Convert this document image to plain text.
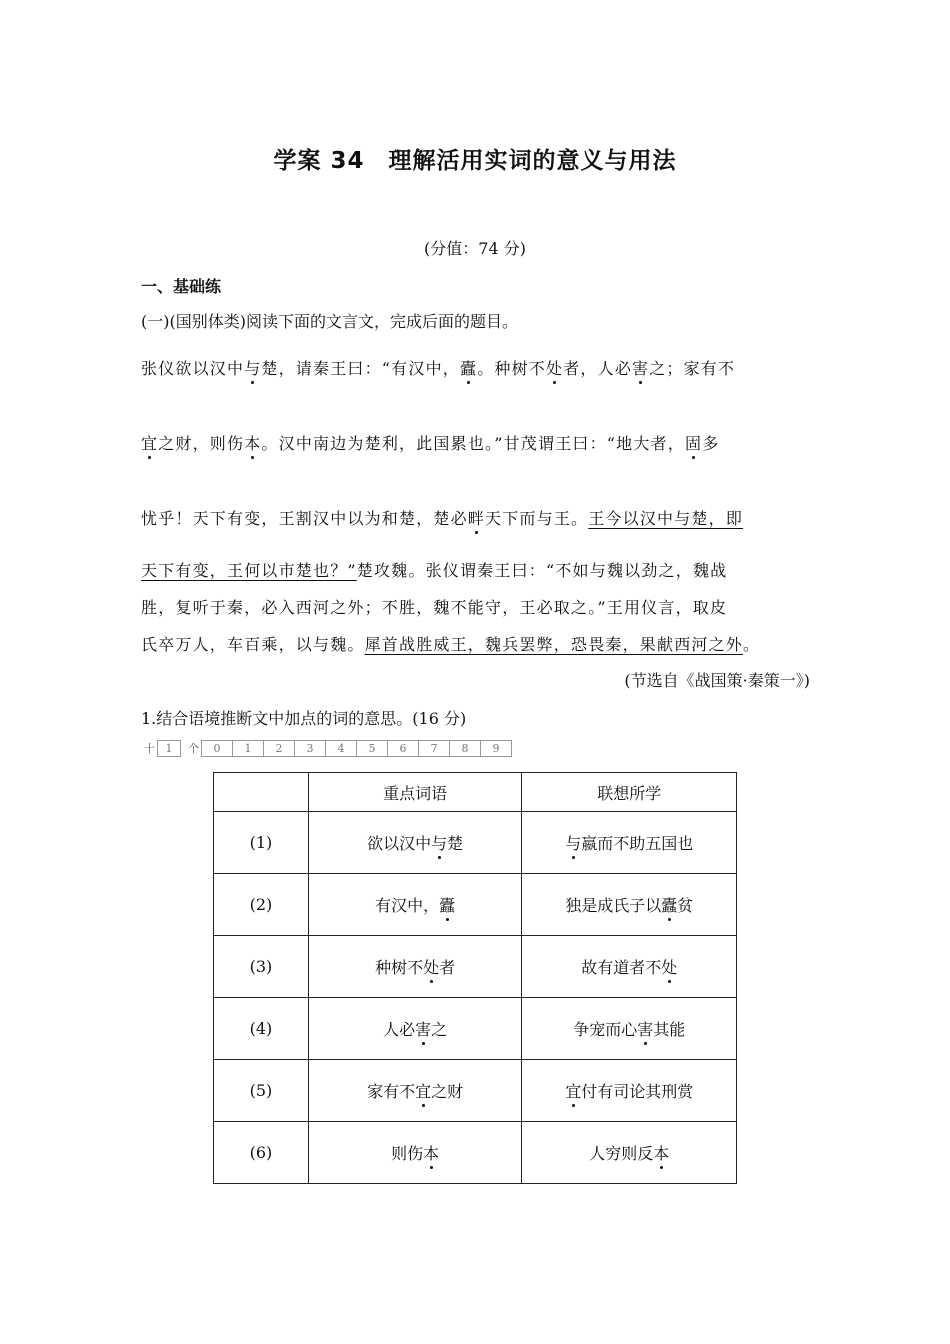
学案 34　理解活用实词的意义与用法
(分值：74 分)
一、基础练
(一)(国别体类)阅读下面的文言文，完成后面的题目。
张仪欲以汉中与楚，请秦王曰：“有汉中，蠹。种树不处者，人必害之；家有不
宜之财，则伤本。汉中南边为楚利，此国累也。”甘茂谓王曰：“地大者，固多
忧乎！天下有变，王割汉中以为和楚，楚必畔天下而与王。王今以汉中与楚，即
天下有变，王何以市楚也？”楚攻魏。张仪谓秦王曰：“不如与魏以劲之，魏战
胜，复听于秦，必入西河之外；不胜，魏不能守，王必取之。”王用仪言，取皮
氏卒万人，车百乘，以与魏。犀首战胜威王，魏兵罢弊，恐畏秦，果献西河之外。
(节选自《战国策·秦策一》)
1.结合语境推断文中加点的词的意思。(16 分)
十 1	个	0	1	2	3	4	5	6	7	8	9
	重点词语	联想所学
(1)	欲以汉中与楚	与嬴而不助五国也
(2)	有汉中，蠹	独是成氏子以蠹贫
(3)	种树不处者	故有道者不处
(4)	人必害之	争宠而心害其能
(5)	家有不宜之财	宜付有司论其刑赏
(6)	则伤本	人穷则反本
